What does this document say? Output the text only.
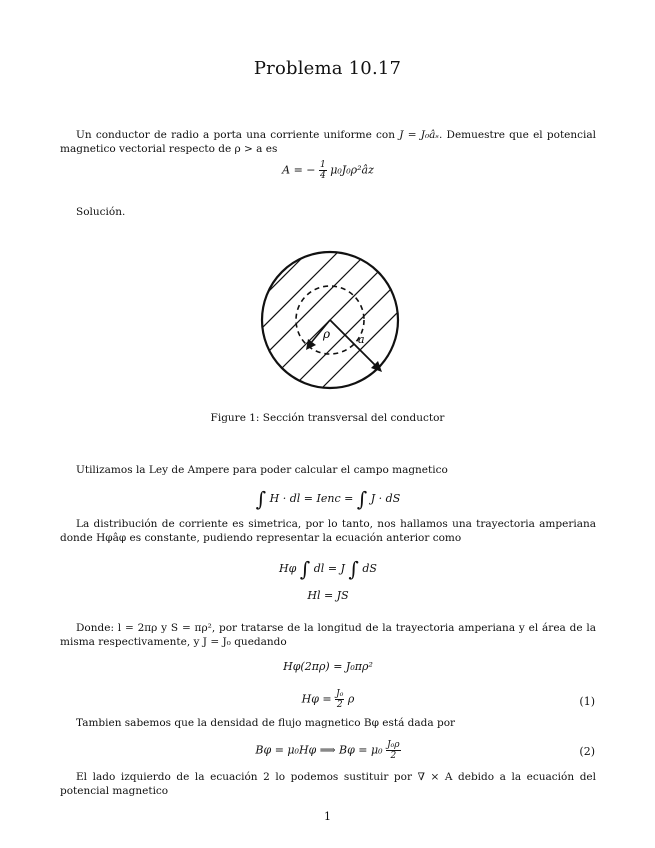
Problema 10.17
Un conductor de radio a porta una corriente uniforme con J = J₀âₛ. Demuestre que el potencial magnetico vectorial respecto de ρ > a es
A = − $\frac{1}{4}$ μ₀J₀ρ²âz
Solución.
ρ	a
Figure 1: Sección transversal del conductor
Utilizamos la Ley de Ampere para poder calcular el campo magnetico
∫ H · dl = Ienc = ∫ J · dS
La distribución de corriente es simetrica, por lo tanto, nos hallamos una trayectoria amperiana donde Hφâφ es constante, pudiendo representar la ecuación anterior como
Hφ ∫ dl = J ∫ dS
Hl = JS
Donde: l = 2πρ y S = πρ², por tratarse de la longitud de la trayectoria amperiana y el área de la misma respectivamente, y J = J₀ quedando
Hφ(2πρ) = J₀πρ²
$H\varphi = \frac{\text{J₀}}{2}$ ρ	(1)
Tambien sabemos que la densidad de flujo magnetico Bφ está dada por
Bφ = μ₀Hφ ⟹ $B\varphi = \mu_0 \frac{\text{J₀ρ}}{2}$	(2)
El lado izquierdo de la ecuación 2 lo podemos sustituir por ∇ × A debido a la ecuación del potencial magnetico
1
